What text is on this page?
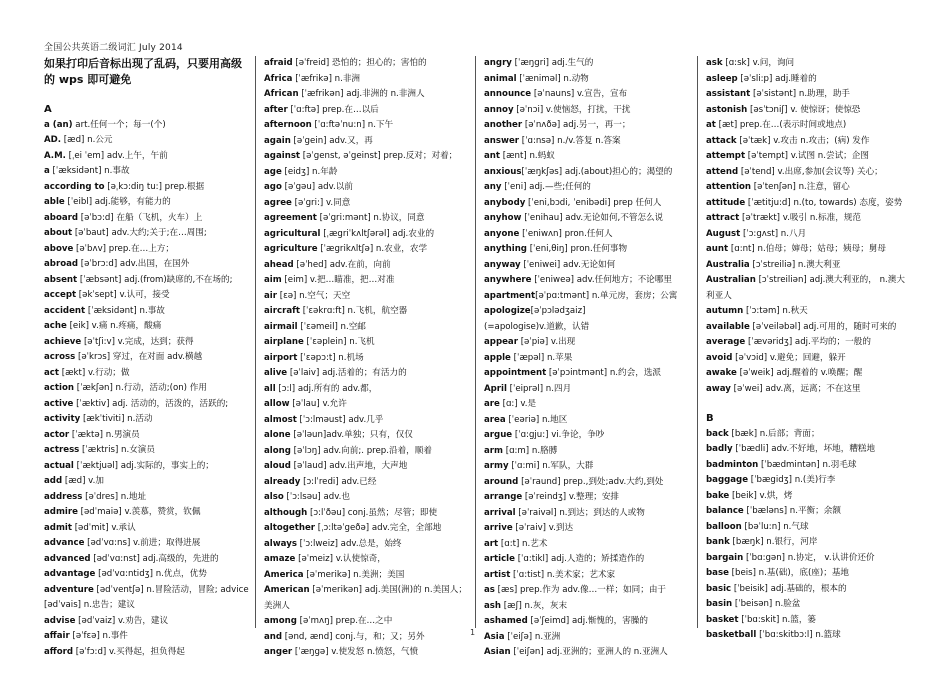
全国公共英语二级词汇 July 2014
如果打印后音标出现了乱码，只要用高级的 wps 即可避免
A
a (an) art.任何一个；每一(个)
AD. [æd] n.公元
A.M. [ˌei ˈem] adv.上午，午前
a [ˈæksidənt] n.事故
according to [əˌkɔ:diŋ tu:] prep.根据
able [ˈeibl] adj.能够，有能力的
aboard [əˈbɔ:d] 在船（飞机，火车）上
about [əˈbaut] adv.大约;关于;在…周围;
above [əˈbʌv] prep.在…上方；
abroad [əˈbrɔ:d] adv.出国，在国外
absent [ˈæbsənt] adj.(from)缺席的,不在场的;
accept [əkˈsept] v.认可，接受
accident [ˈæksidənt] n.事故
ache [eik] v.痛 n.疼痛，酸痛
achieve [əˈtʃi:v] v.完成，达到；获得
across [əˈkrɔs] 穿过，在对面 adv.横越
act [ækt] v.行动；做
action [ˈækʃən] n.行动，活动;(on) 作用
active [ˈæktiv] adj. 活动的，活泼的，活跃的;
activity [ækˈtiviti] n.活动
actor [ˈæktə] n.男演员
actress [ˈæktris] n.女演员
actual [ˈæktjuəl] adj.实际的，事实上的；
add [æd] v.加
address [əˈdres] n.地址
admire [ədˈmaiə] v.羡慕，赞赏，钦佩
admit [ədˈmit] v.承认
advance [ədˈvɑ:ns] v.前进；取得进展
advanced [ədˈvɑ:nst] adj.高级的，先进的
advantage [ədˈvɑ:ntidʒ] n.优点，优势
adventure [ədˈventʃə] n.冒险活动，冒险; advice [ədˈvais] n.忠告；建议
advise [ədˈvaiz] v.劝告，建议
affair [əˈfɛə] n.事件
afford [əˈfɔ:d] v.买得起，担负得起
afraid [əˈfreid] 恐怕的；担心的；害怕的
Africa [ˈæfrikə] n.非洲
African [ˈæfrikən] adj.非洲的 n.非洲人
after [ˈɑ:ftə] prep.在…以后
afternoon [ˈɑ:ftəˈnu:n] n.下午
again [əˈgein] adv.又，再
against [əˈgenst, əˈgeinst] prep.反对；对着；
age [eidʒ] n.年龄
ago [əˈgəu] adv.以前
agree [əˈgri:] v.同意
agreement [əˈgri:mənt] n.协议，同意
agricultural [ˌægriˈkʌltʃərəl] adj.农业的
agriculture [ˈægrikʌltʃə] n.农业，农学
ahead [əˈhed] adv.在前，向前
aim [eim] v.把…瞄准，把…对准
air [ɛə] n.空气；天空
aircraft [ˈɛəkrɑ:ft] n.飞机，航空器
airmail [ˈɛəmeil] n.空邮
airplane [ˈɛəplein] n.飞机
airport [ˈɛəpɔ:t] n.机场
alive [əˈlaiv] adj.活着的；有活力的
all [ɔ:l] adj.所有的 adv.都，
allow [əˈlau] v.允许
almost [ˈɔ:lməust] adv.几乎
alone [əˈləun]adv.单独；只有，仅仅
along [əˈlɔŋ] adv.向前;. prep.沿着，顺着
aloud [əˈlaud] adv.出声地，大声地
already [ɔ:lˈredi] adv.已经
also [ˈɔ:lsəu] adv.也
although [ɔ:lˈðəu] conj.虽然；尽管；即使
altogether [ˌɔ:ltəˈgeðə] adv.完全，全部地
always [ˈɔ:lweiz] adv.总是，始终
amaze [əˈmeiz] v.认使惊奇，
America [əˈmerikə] n.美洲；美国
American [əˈmerikən] adj.美国(洲)的 n.美国人；美洲人
among [əˈmʌŋ] prep.在…之中
and [ənd, ænd] conj.与，和；又；另外
anger [ˈæŋgə] v.使发怒 n.愤怒，气愤
angry [ˈæŋgri] adj.生气的
animal [ˈæniməl] n.动物
announce [əˈnauns] v.宣告，宣布
annoy [əˈnɔi] v.使恼怒，打扰，干扰
another [əˈnʌðə] adj.另一，再一；
answer [ˈɑ:nsə] n./v.答复 n.答案
ant [ænt] n.蚂蚁
anxious[ˈæŋkʃəs] adj.(about)担心的；渴望的
any [ˈeni] adj.—些;任何的
anybody [ˈeni,bɔdi, ˈenibədi] prep 任何人
anyhow [ˈenihau] adv.无论如何,不管怎么说
anyone [ˈeniwʌn] pron.任何人
anything [ˈeni,θiŋ] pron.任何事物
anyway [ˈeniwei] adv.无论如何
anywhere [ˈeniweə] adv.任何地方；不论哪里
apartment[əˈpɑ:tmənt] n.单元房，套房；公寓
apologize[əˈpɔlədʒaiz]
(=apologise)v.道歉，认错
appear [əˈpiə] v.出现
apple [ˈæpəl] n.苹果
appointment [əˈpɔintmənt] n.约会，选派
April [ˈeiprəl] n.四月
are [ɑ:] v.是
area [ˈeəriə] n.地区
argue [ˈɑ:gju:] vi.争论，争吵
arm [ɑ:m] n.胳膊
army [ˈɑ:mi] n.军队，大群
around [əˈraund] prep.,到处;adv.大约,到处
arrange [əˈreindʒ] v.整理；安排
arrival [əˈraivəl] n.到达；到达的人或物
arrive [əˈraiv] v.到达
art [ɑ:t] n.艺术
article [ˈɑ:tikl] adj.人造的；矫揉造作的
artist [ˈɑ:tist] n.美术家；艺术家
as [æs] prep.作为 adv.像…一样；如同；由于
ash [æʃ] n.灰，灰末
ashamed [əˈʃeimd] adj.惭愧的，害臊的
Asia [ˈeiʃə] n.亚洲
Asian [ˈeiʃən] adj.亚洲的；亚洲人的 n.亚洲人
ask [ɑ:sk] v.问，询问
asleep [əˈsli:p] adj.睡着的
assistant [əˈsistənt] n.助理，助手
astonish [əsˈtɔniʃ] v. 使惊讶；使惊恐
at [æt] prep.在…(表示时间或地点)
attack [əˈtæk] v.攻击 n.攻击；(病) 发作
attempt [əˈtempt] v.试图 n.尝试；企图
attend [əˈtend] v.出席,参加(会议等) 关心；
attention [əˈtenʃən] n.注意，留心
attitude [ˈætitju:d] n.(to, towards) 态度，姿势
attract [əˈtrækt] v.吸引 n.标准，规范
August [ˈɔ:gʌst] n.八月
aunt [ɑ:nt] n.伯母；婶母；姑母；姨母；舅母
Australia [ɔˈstreiliə] n.澳大利亚
Australian [ɔˈstreiliən] adj.澳大利亚的， n.澳大利亚人
autumn [ˈɔ:təm] n.秋天
available [əˈveiləbəl] adj.可用的，随时可来的
average [ˈævəridʒ] adj.平均的；一般的
avoid [əˈvɔid] v.避免；回避，躲开
awake [əˈweik] adj.醒着的 v.唤醒；醒
away [əˈwei] adv.离，远离；不在这里
B
back [bæk] n.后部；背面；
badly [ˈbædli] adv.不好地，坏地，糟糕地
badminton [ˈbædmintən] n.羽毛球
baggage [ˈbægidʒ] n.(美)行李
bake [beik] v.烘，烤
balance [ˈbæləns] n.平衡；余额
balloon [bəˈlu:n] n.气球
bank [bæŋk] n.银行，河岸
bargain [ˈbɑ:gən] n.协定， v.认讲价还价
base [beis] n.基(础)，底(座)；基地
basic [ˈbeisik] adj.基础的，根本的
basin [ˈbeisən] n.脸盆
basket [ˈbɑ:skit] n.篮，篓
basketball [ˈbɑ:skitbɔ:l] n.篮球
1
